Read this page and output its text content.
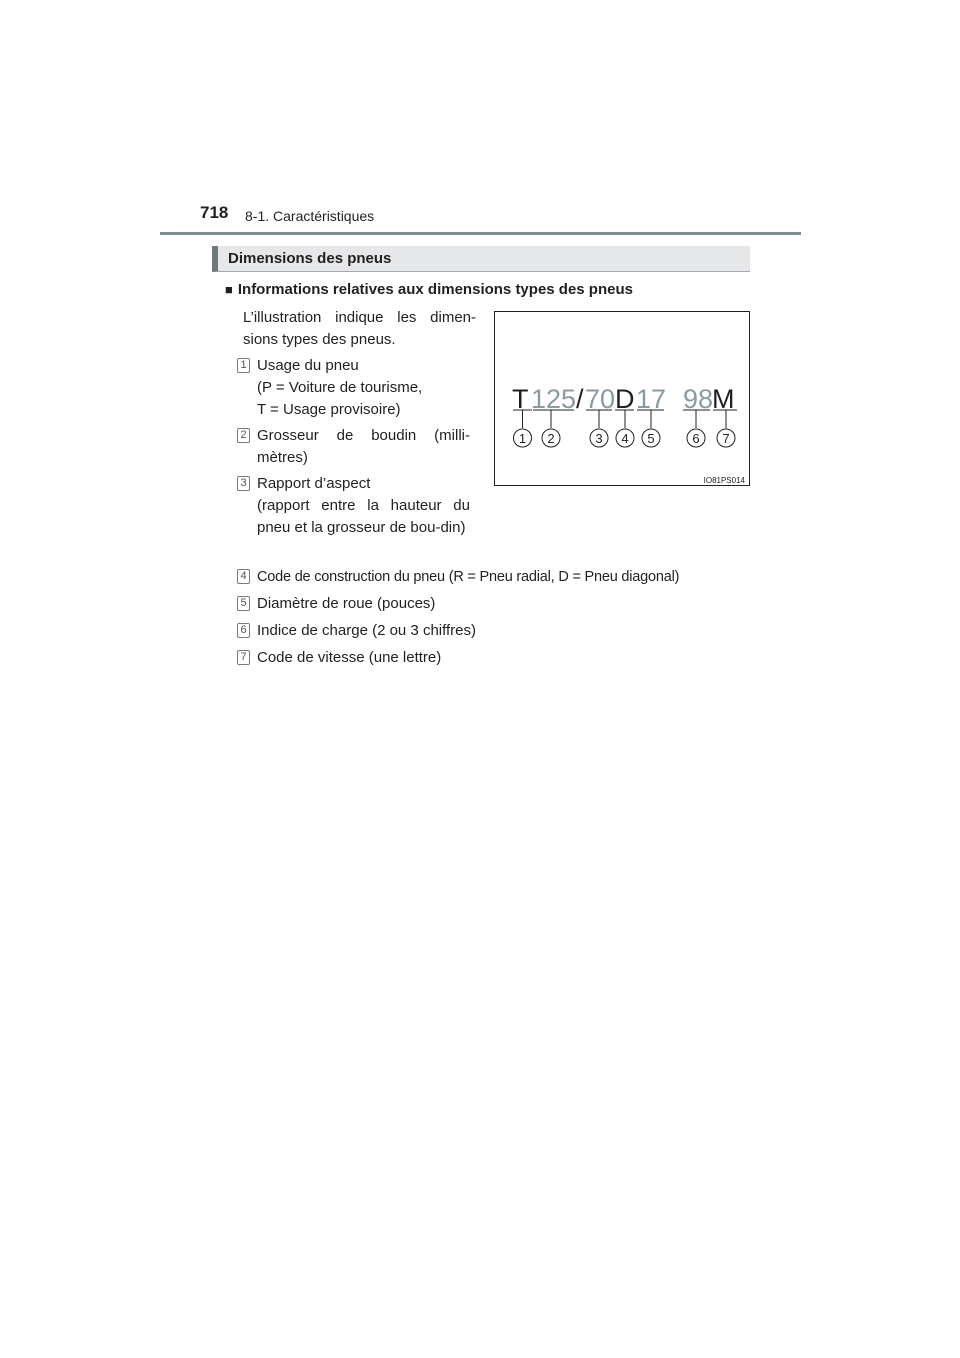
718 8-1. Caractéristiques
Dimensions des pneus
■ Informations relatives aux dimensions types des pneus
L’illustration indique les dimen-sions types des pneus.
1 Usage du pneu
(P = Voiture de tourisme,
T = Usage provisoire)
2 Grosseur de boudin (milli-mètres)
3 Rapport d’aspect
(rapport entre la hauteur du pneu et la grosseur de bou-din)
4 Code de construction du pneu (R = Pneu radial, D = Pneu diagonal)
5 Diamètre de roue (pouces)
6 Indice de charge (2 ou 3 chiffres)
7 Code de vitesse (une lettre)
T 125 / 70 D 17 98
M
1 2	3 4 5	6 7
IO81PS014
